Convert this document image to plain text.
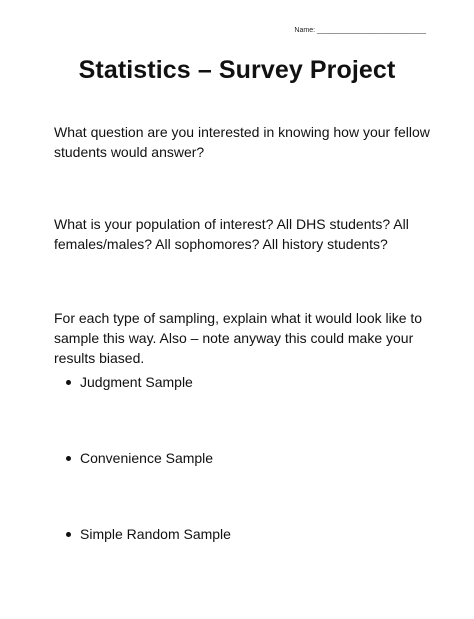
Name: ____________________________
Statistics – Survey Project

What question are you interested in knowing how your fellow students would answer?

What is your population of interest? All DHS students? All females/males? All sophomores? All history students?

For each type of sampling, explain what it would look like to sample this way. Also – note anyway this could make your results biased.

Judgment Sample
Convenience Sample
Simple Random Sample
